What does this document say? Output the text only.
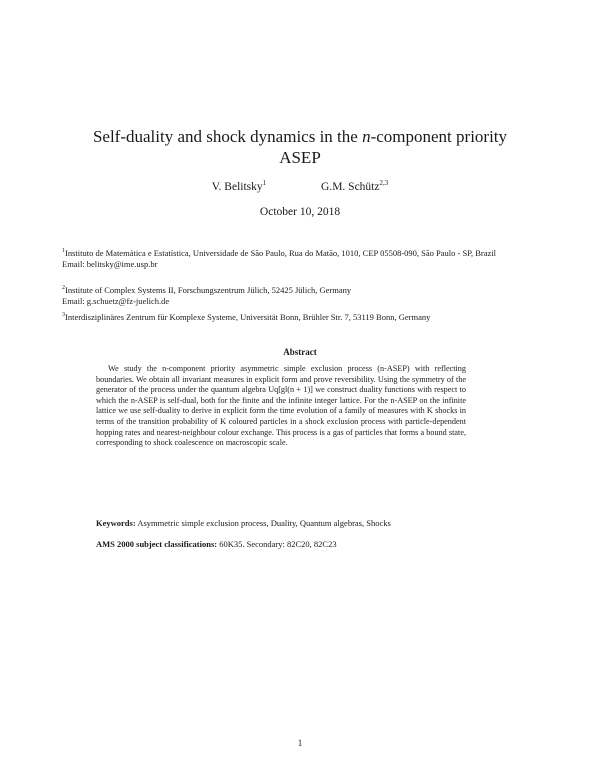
Self-duality and shock dynamics in the n-component priority
ASEP
V. Belitsky$^1$	G.M. Schütz$^{2,3}$
October 10, 2018
$^1$Instituto de Matemática e Estatística, Universidade de São Paulo, Rua do Matão, 1010, CEP 05508-090, São Paulo - SP, Brazil
Email: belitsky@ime.usp.br
$^2$Institute of Complex Systems II, Forschungszentrum Jülich, 52425 Jülich, Germany
Email: g.schuetz@fz-juelich.de
$^3$Interdisziplinäres Zentrum für Komplexe Systeme, Universität Bonn, Brühler Str. 7, 53119 Bonn, Germany
Abstract
We study the n-component priority asymmetric simple exclusion process (n-ASEP) with reflecting boundaries. We obtain all invariant measures in explicit form and prove reversibility. Using the symmetry of the generator of the process under the quantum algebra Uq[gl(n + 1)] we construct duality functions with respect to which the n-ASEP is self-dual, both for the finite and the infinite integer lattice. For the n-ASEP on the infinite lattice we use self-duality to derive in explicit form the time evolution of a family of measures with K shocks in terms of the transition probability of K coloured particles in a shock exclusion process with particle-dependent hopping rates and nearest-neighbour colour exchange. This process is a gas of particles that forms a bound state, corresponding to shock coalescence on macroscopic scale.
Keywords: Asymmetric simple exclusion process, Duality, Quantum algebras, Shocks
AMS 2000 subject classifications: 60K35. Secondary: 82C20, 82C23
1
